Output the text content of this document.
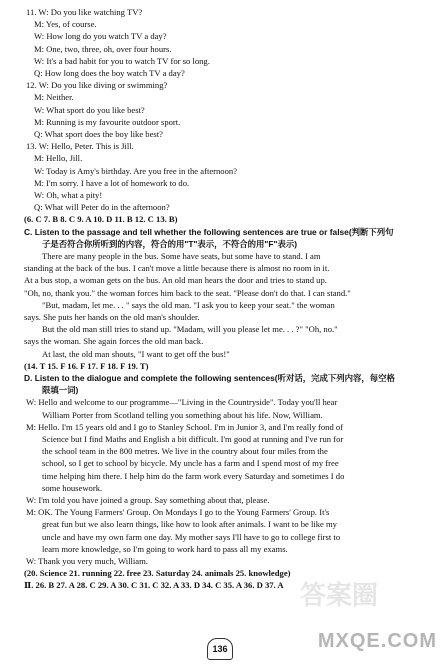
11. W: Do you like watching TV?
M: Yes, of course.
W: How long do you watch TV a day?
M: One, two, three, oh, over four hours.
W: It's a bad habit for you to watch TV for so long.
Q: How long does the boy watch TV a day?
12. W: Do you like diving or swimming?
M: Neither.
W: What sport do you like best?
M: Running is my favourite outdoor sport.
Q: What sport does the boy like best?
13. W: Hello, Peter. This is Jill.
M: Hello, Jill.
W: Today is Amy's birthday. Are you free in the afternoon?
M: I'm sorry. I have a lot of homework to do.
W: Oh, what a pity!
Q: What will Peter do in the afternoon?
(6. C 7. B 8. C 9. A 10. D 11. B 12. C 13. B)
C. Listen to the passage and tell whether the following sentences are true or false(判断下列句
子是否符合你所听到的内容，符合的用"T"表示，不符合的用"F"表示)
There are many people in the bus. Some have seats, but some have to stand. I am
standing at the back of the bus. I can't move a little because there is almost no room in it.
At a bus stop, a woman gets on the bus. An old man hears the door and tries to stand up.
"Oh, no, thank you." the woman forces him back to the seat. "Please don't do that. I can stand."
"But, madam, let me. . . " says the old man. "I ask you to keep your seat." the woman
says. She puts her hands on the old man's shoulder.
But the old man still tries to stand up. "Madam, will you please let me. . . ?" "Oh, no."
says the woman. She again forces the old man back.
At last, the old man shouts, "I want to get off the bus!"
(14. T 15. F 16. F 17. F 18. F 19. T)
D. Listen to the dialogue and complete the following sentences(听对话，完成下列内容，每空格
限填一词)
W: Hello and welcome to our programme—"Living in the Countryside". Today you'll hear
William Porter from Scotland telling you something about his life. Now, William.
M: Hello. I'm 15 years old and I go to Stanley School. I'm in Junior 3, and I'm really fond of
Science but I find Maths and English a bit difficult. I'm good at running and I've run for
the school team in the 800 metres. We live in the country about four miles from the
school, so I get to school by bicycle. My uncle has a farm and I spend most of my free
time helping him there. I help him do the farm work every Saturday and sometimes I do
some housework.
W: I'm told you have joined a group. Say something about that, please.
M: OK. The Young Farmers' Group. On Mondays I go to the Young Farmers' Group. It's
great fun but we also learn things, like how to look after animals. I want to be like my
uncle and have my own farm one day. My mother says I'll have to go to college first to
learn more knowledge, so I'm going to work hard to pass all my exams.
W: Thank you very much, William.
(20. Science 21. running 22. free 23. Saturday 24. animals 25. knowledge)
Ⅱ. 26. B 27. A 28. C 29. A 30. C 31. C 32. A 33. D 34. C 35. A 36. D 37. A 答案圈
136	MXQE.COM
